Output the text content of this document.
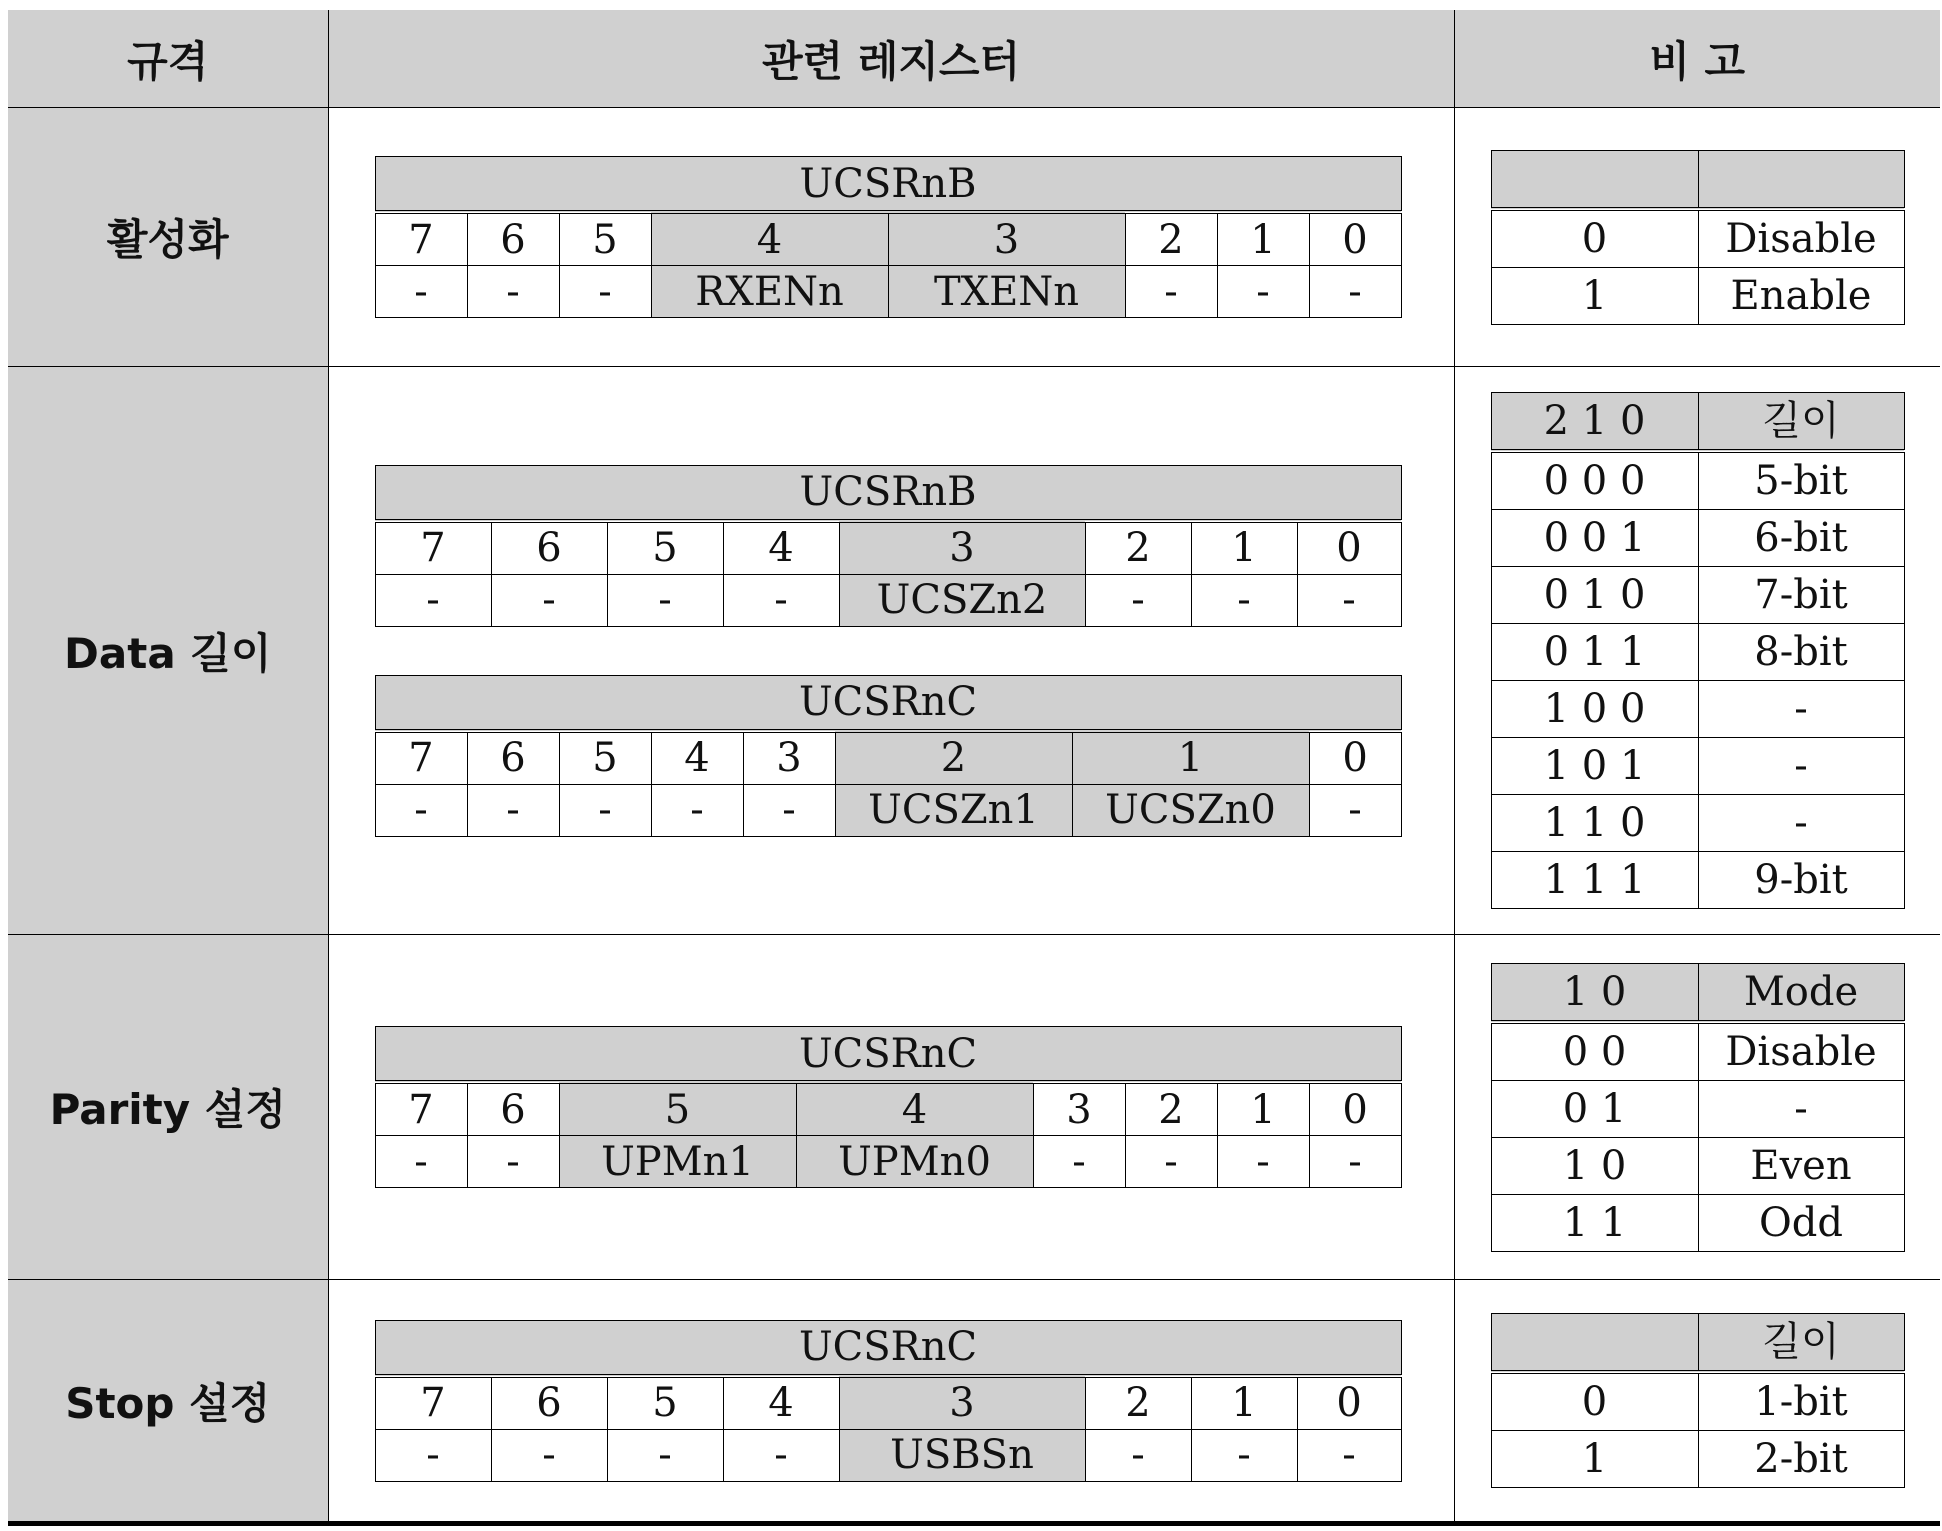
규격	관련 레지스터	비 고
활성화	
UCSRnB
7	6	5	4	3	2	1	0
-	-	-	RXENn	TXENn	-	-	-

0	Disable
1	Enable

Data 길이	
UCSRnB
7	6	5	4	3	2	1	0
-	-	-	-	UCSZn2	-	-	-
UCSRnC
7	6	5	4	3	2	1	0
-	-	-	-	-	UCSZn1	UCSZn0	-

2 1 0	길이
0 0 0	5-bit
0 0 1	6-bit
0 1 0	7-bit
0 1 1	8-bit
1 0 0	-
1 0 1	-
1 1 0	-
1 1 1	9-bit

Parity 설정	
UCSRnC
7	6	5	4	3	2	1	0
-	-	UPMn1	UPMn0	-	-	-	-

1 0	Mode
0 0	Disable
0 1	-
1 0	Even
1 1	Odd

Stop 설정	
UCSRnC
7	6	5	4	3	2	1	0
-	-	-	-	USBSn	-	-	-

	길이
0	1-bit
1	2-bit
